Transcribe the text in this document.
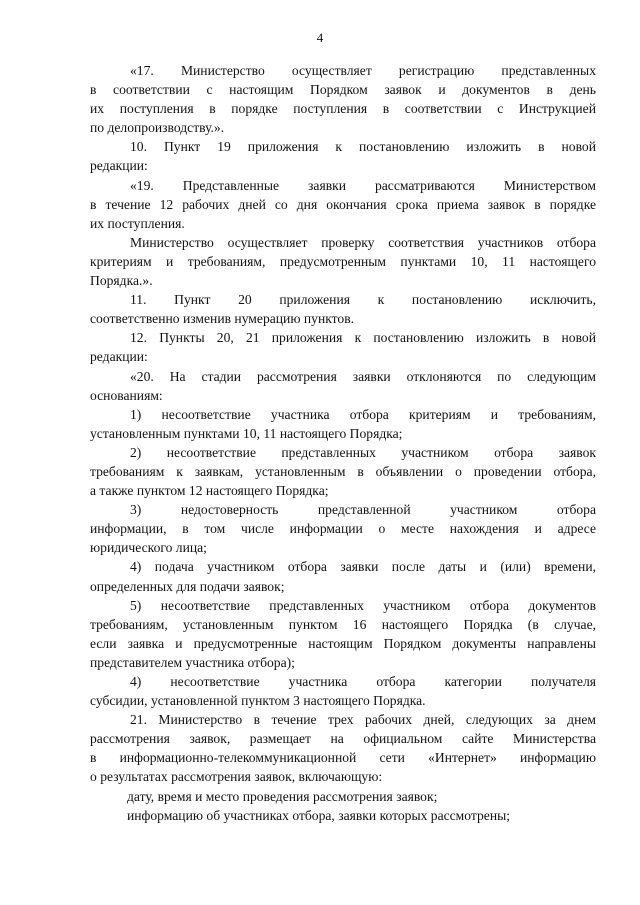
4
«17. Министерство осуществляет регистрацию представленных
в соответствии с настоящим Порядком заявок и документов в день
их поступления в порядке поступления в соответствии с Инструкцией
по делопроизводству.».
10. Пункт 19 приложения к постановлению изложить в новой
редакции:
«19. Представленные заявки рассматриваются Министерством
в течение 12 рабочих дней со дня окончания срока приема заявок в порядке
их поступления.
Министерство осуществляет проверку соответствия участников отбора
критериям и требованиям, предусмотренным пунктами 10, 11 настоящего
Порядка.».
11. Пункт 20 приложения к постановлению исключить,
соответственно изменив нумерацию пунктов.
12. Пункты 20, 21 приложения к постановлению изложить в новой
редакции:
«20. На стадии рассмотрения заявки отклоняются по следующим
основаниям:
1) несоответствие участника отбора критериям и требованиям,
установленным пунктами 10, 11 настоящего Порядка;
2) несоответствие представленных участником отбора заявок
требованиям к заявкам, установленным в объявлении о проведении отбора,
а также пунктом 12 настоящего Порядка;
3) недостоверность представленной участником отбора
информации, в том числе информации о месте нахождения и адресе
юридического лица;
4) подача участником отбора заявки после даты и (или) времени,
определенных для подачи заявок;
5) несоответствие представленных участником отбора документов
требованиям, установленным пунктом 16 настоящего Порядка (в случае,
если заявка и предусмотренные настоящим Порядком документы направлены
представителем участника отбора);
4) несоответствие участника отбора категории получателя
субсидии, установленной пунктом 3 настоящего Порядка.
21. Министерство в течение трех рабочих дней, следующих за днем
рассмотрения заявок, размещает на официальном сайте Министерства
в информационно-телекоммуникационной сети «Интернет» информацию
о результатах рассмотрения заявок, включающую:
дату, время и место проведения рассмотрения заявок;
информацию об участниках отбора, заявки которых рассмотрены;
